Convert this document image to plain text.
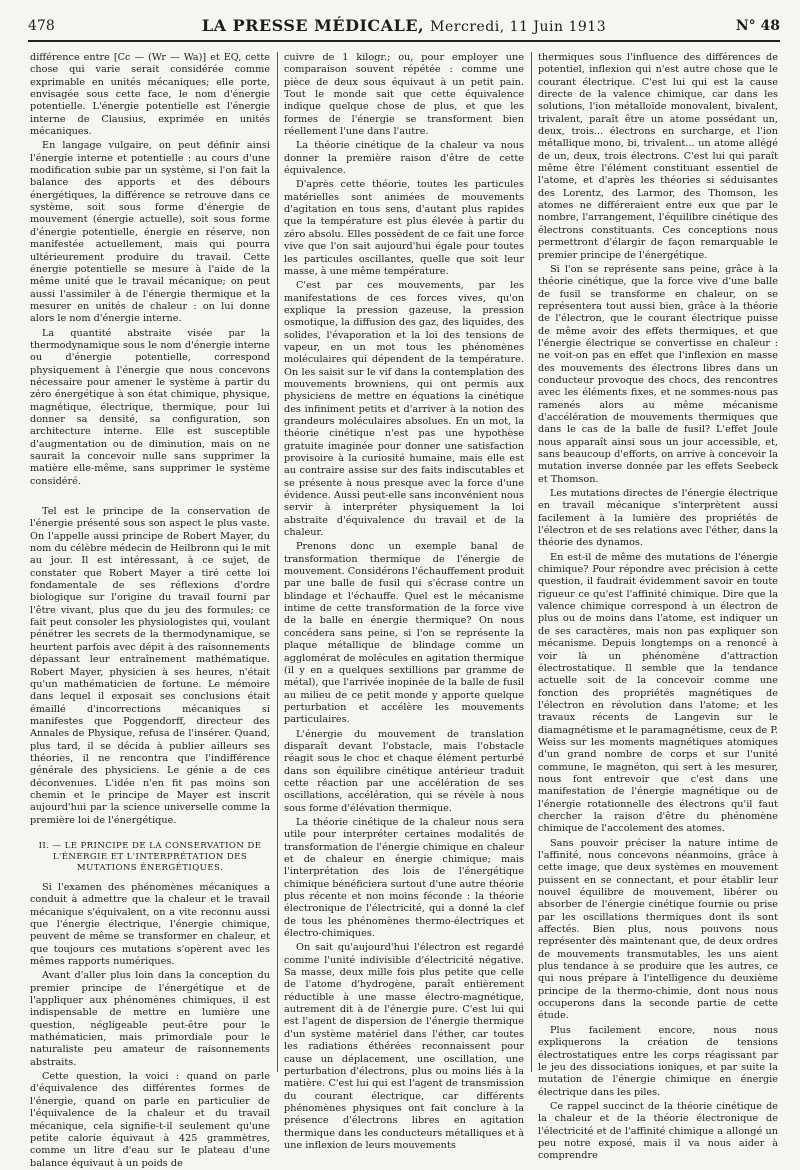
478	LA PRESSE MÉDICALE, Mercredi, 11 Juin 1913	N° 48

différence entre [Cc — (Wr — Wa)] et EQ, cette chose qui varie serait considérée comme exprimable en unités mécaniques; elle porte, envisagée sous cette face, le nom d'énergie potentielle. L'énergie potentielle est l'énergie interne de Clausius, exprimée en unités mécaniques.

En langage vulgaire, on peut définir ainsi l'énergie interne et potentielle : au cours d'une modification subie par un système, si l'on fait la balance des apports et des débours énergétiques, la différence se retrouve dans ce système, soit sous forme d'énergie de mouvement (énergie actuelle), soit sous forme d'énergie potentielle, énergie en réserve, non manifestée actuellement, mais qui pourra ultérieurement produire du travail. Cette énergie potentielle se mesure à l'aide de la même unité que le travail mécanique; on peut aussi l'assimiler à de l'énergie thermique et la mesurer en unités de chaleur : on lui donne alors le nom d'énergie interne.

La quantité abstraite visée par la thermodynamique sous le nom d'énergie interne ou d'énergie potentielle, correspond physiquement à l'énergie que nous concevons nécessaire pour amener le système à partir du zéro énergétique à son état chimique, physique, magnétique, électrique, thermique, pour lui donner sa densité, sa configuration, son architecture interne. Elle est susceptible d'augmentation ou de diminution, mais on ne saurait la concevoir nulle sans supprimer la matière elle-même, sans supprimer le système considéré.

Tel est le principe de la conservation de l'énergie présenté sous son aspect le plus vaste. On l'appelle aussi principe de Robert Mayer, du nom du célèbre médecin de Heilbronn qui le mit au jour. Il est intéressant, à ce sujet, de constater que Robert Mayer a tiré cette loi fondamentale de ses réflexions d'ordre biologique sur l'origine du travail fourni par l'être vivant, plus que du jeu des formules; ce fait peut consoler les physiologistes qui, voulant pénétrer les secrets de la thermodynamique, se heurtent parfois avec dépit à des raisonnements dépassant leur entraînement mathématique. Robert Mayer, physicien à ses heures, n'était qu'un mathématicien de fortune. Le mémoire dans lequel il exposait ses conclusions était émaillé d'incorrections mécaniques si manifestes que Poggendorff, directeur des Annales de Physique, refusa de l'insérer. Quand, plus tard, il se décida à publier ailleurs ses théories, il ne rencontra que l'indifférence générale des physiciens. Le génie a de ces déconvenues. L'idée n'en fit pas moins son chemin et le principe de Mayer est inscrit aujourd'hui par la science universelle comme la première loi de l'énergétique.

II. — LE PRINCIPE DE LA CONSERVATION DE L'ÉNERGIE ET L'INTERPRÉTATION DES MUTATIONS ÉNERGÉTIQUES.

Si l'examen des phénomènes mécaniques a conduit à admettre que la chaleur et le travail mécanique s'équivalent, on a vite reconnu aussi que l'énergie électrique, l'énergie chimique, peuvent de même se transformer en chaleur, et que toujours ces mutations s'opèrent avec les mêmes rapports numériques.

Avant d'aller plus loin dans la conception du premier principe de l'énergétique et de l'appliquer aux phénomènes chimiques, il est indispensable de mettre en lumière une question, négligeable peut-être pour le mathématicien, mais primordiale pour le naturaliste peu amateur de raisonnements abstraits.

Cette question, la voici : quand on parle d'équivalence des différentes formes de l'énergie, quand on parle en particulier de l'équivalence de la chaleur et du travail mécanique, cela signifie-t-il seulement qu'une petite calorie équivaut à 425 grammètres, comme un litre d'eau sur le plateau d'une balance équivaut à un poids de

cuivre de 1 kilogr.; ou, pour employer une comparaison souvent répétée : comme une pièce de deux sous équivaut à un petit pain. Tout le monde sait que cette équivalence indique quelque chose de plus, et que les formes de l'énergie se transforment bien réellement l'une dans l'autre.

La théorie cinétique de la chaleur va nous donner la première raison d'être de cette équivalence.

D'après cette théorie, toutes les particules matérielles sont animées de mouvements d'agitation en tous sens, d'autant plus rapides que la température est plus élevée à partir du zéro absolu. Elles possèdent de ce fait une force vive que l'on sait aujourd'hui égale pour toutes les particules oscillantes, quelle que soit leur masse, à une même température.

C'est par ces mouvements, par les manifestations de ces forces vives, qu'on explique la pression gazeuse, la pression osmotique, la diffusion des gaz, des liquides, des solides, l'évaporation et la loi des tensions de vapeur, en un mot tous les phénomènes moléculaires qui dépendent de la température. On les saisit sur le vif dans la contemplation des mouvements browniens, qui ont permis aux physiciens de mettre en équations la cinétique des infiniment petits et d'arriver à la notion des grandeurs moléculaires absolues. En un mot, la théorie cinétique n'est pas une hypothèse gratuite imaginée pour donner une satisfaction provisoire à la curiosité humaine, mais elle est au contraire assise sur des faits indiscutables et se présente à nous presque avec la force d'une évidence. Aussi peut-elle sans inconvénient nous servir à interpréter physiquement la loi abstraite d'équivalence du travail et de la chaleur.

Prenons donc un exemple banal de transformation thermique de l'énergie de mouvement. Considérons l'échauffement produit par une balle de fusil qui s'écrase contre un blindage et l'échauffe. Quel est le mécanisme intime de cette transformation de la force vive de la balle en énergie thermique? On nous concédera sans peine, si l'on se représente la plaque métallique de blindage comme un agglomérat de molécules en agitation thermique (il y en a quelques sextillions par gramme de métal), que l'arrivée inopinée de la balle de fusil au milieu de ce petit monde y apporte quelque perturbation et accélère les mouvements particulaires.

L'énergie du mouvement de translation disparaît devant l'obstacle, mais l'obstacle réagit sous le choc et chaque élément perturbé dans son équilibre cinétique antérieur traduit cette réaction par une accélération de ses oscillations, accélération, qui se révèle à nous sous forme d'élévation thermique.

La théorie cinétique de la chaleur nous sera utile pour interpréter certaines modalités de transformation de l'énergie chimique en chaleur et de chaleur en énergie chimique; mais l'interprétation des lois de l'énergétique chimique bénéficiera surtout d'une autre théorie plus récente et non moins féconde : la théorie électronique de l'électricité, qui a donné la clef de tous les phénomènes thermo-électriques et électro-chimiques.

On sait qu'aujourd'hui l'électron est regardé comme l'unité indivisible d'électricité négative. Sa masse, deux mille fois plus petite que celle de l'atome d'hydrogène, paraît entièrement réductible à une masse électro-magnétique, autrement dit à de l'énergie pure. C'est lui qui est l'agent de dispersion de l'énergie thermique d'un système matériel dans l'éther, car toutes les radiations éthérées reconnaissent pour cause un déplacement, une oscillation, une perturbation d'électrons, plus ou moins liés à la matière. C'est lui qui est l'agent de transmission du courant électrique, car différents phénomènes physiques ont fait conclure à la présence d'électrons libres en agitation thermique dans les conducteurs métalliques et à une inflexion de leurs mouvements

thermiques sous l'influence des différences de potentiel, inflexion qui n'est autre chose que le courant électrique. C'est lui qui est la cause directe de la valence chimique, car dans les solutions, l'ion métalloïde monovalent, bivalent, trivalent, paraît être un atome possédant un, deux, trois... électrons en surcharge, et l'ion métallique mono, bi, trivalent... un atome allégé de un, deux, trois électrons. C'est lui qui paraît même être l'élément constituant essentiel de l'atome, et d'après les théories si séduisantes des Lorentz, des Larmor, des Thomson, les atomes ne différeraient entre eux que par le nombre, l'arrangement, l'équilibre cinétique des électrons constituants. Ces conceptions nous permettront d'élargir de façon remarquable le premier principe de l'énergétique.

Si l'on se représente sans peine, grâce à la théorie cinétique, que la force vive d'une balle de fusil se transforme en chaleur, on se représentera tout aussi bien, grâce à la théorie de l'électron, que le courant électrique puisse de même avoir des effets thermiques, et que l'énergie électrique se convertisse en chaleur : ne voit-on pas en effet que l'inflexion en masse des mouvements des électrons libres dans un conducteur provoque des chocs, des rencontres avec les éléments fixes, et ne sommes-nous pas ramenés alors au même mécanisme d'accélération de mouvements thermiques que dans le cas de la balle de fusil? L'effet Joule nous apparaît ainsi sous un jour accessible, et, sans beaucoup d'efforts, on arrive à concevoir la mutation inverse donnée par les effets Seebeck et Thomson.

Les mutations directes de l'énergie électrique en travail mécanique s'interprètent aussi facilement à la lumière des propriétés de l'électron et de ses relations avec l'éther, dans la théorie des dynamos.

En est-il de même des mutations de l'énergie chimique? Pour répondre avec précision à cette question, il faudrait évidemment savoir en toute rigueur ce qu'est l'affinité chimique. Dire que la valence chimique correspond à un électron de plus ou de moins dans l'atome, est indiquer un de ses caractères, mais non pas expliquer son mécanisme. Depuis longtemps on a renoncé à voir là un phénomène d'attraction électrostatique. Il semble que la tendance actuelle soit de la concevoir comme une fonction des propriétés magnétiques de l'électron en révolution dans l'atome; et les travaux récents de Langevin sur le diamagnétisme et le paramagnétisme, ceux de P. Weiss sur les moments magnétiques atomiques d'un grand nombre de corps et sur l'unité commune, le magnéton, qui sert à les mesurer, nous font entrevoir que c'est dans une manifestation de l'énergie magnétique ou de l'énergie rotationnelle des électrons qu'il faut chercher la raison d'être du phénomène chimique de l'accolement des atomes.

Sans pouvoir préciser la nature intime de l'affinité, nous concevons néanmoins, grâce à cette image, que deux systèmes en mouvement puissent en se connectant, et pour établir leur nouvel équilibre de mouvement, libérer ou absorber de l'énergie cinétique fournie ou prise par les oscillations thermiques dont ils sont affectés. Bien plus, nous pouvons nous représenter dès maintenant que, de deux ordres de mouvements transmutables, les uns aient plus tendance à se produire que les autres, ce qui nous prépare à l'intelligence du deuxième principe de la thermo-chimie, dont nous nous occuperons dans la seconde partie de cette étude.

Plus facilement encore, nous nous expliquerons la création de tensions électrostatiques entre les corps réagissant par le jeu des dissociations ioniques, et par suite la mutation de l'énergie chimique en énergie électrique dans les piles.

Ce rappel succinct de la théorie cinétique de la chaleur et de la théorie électronique de l'électricité et de l'affinité chimique a allongé un peu notre exposé, mais il va nous aider à comprendre
